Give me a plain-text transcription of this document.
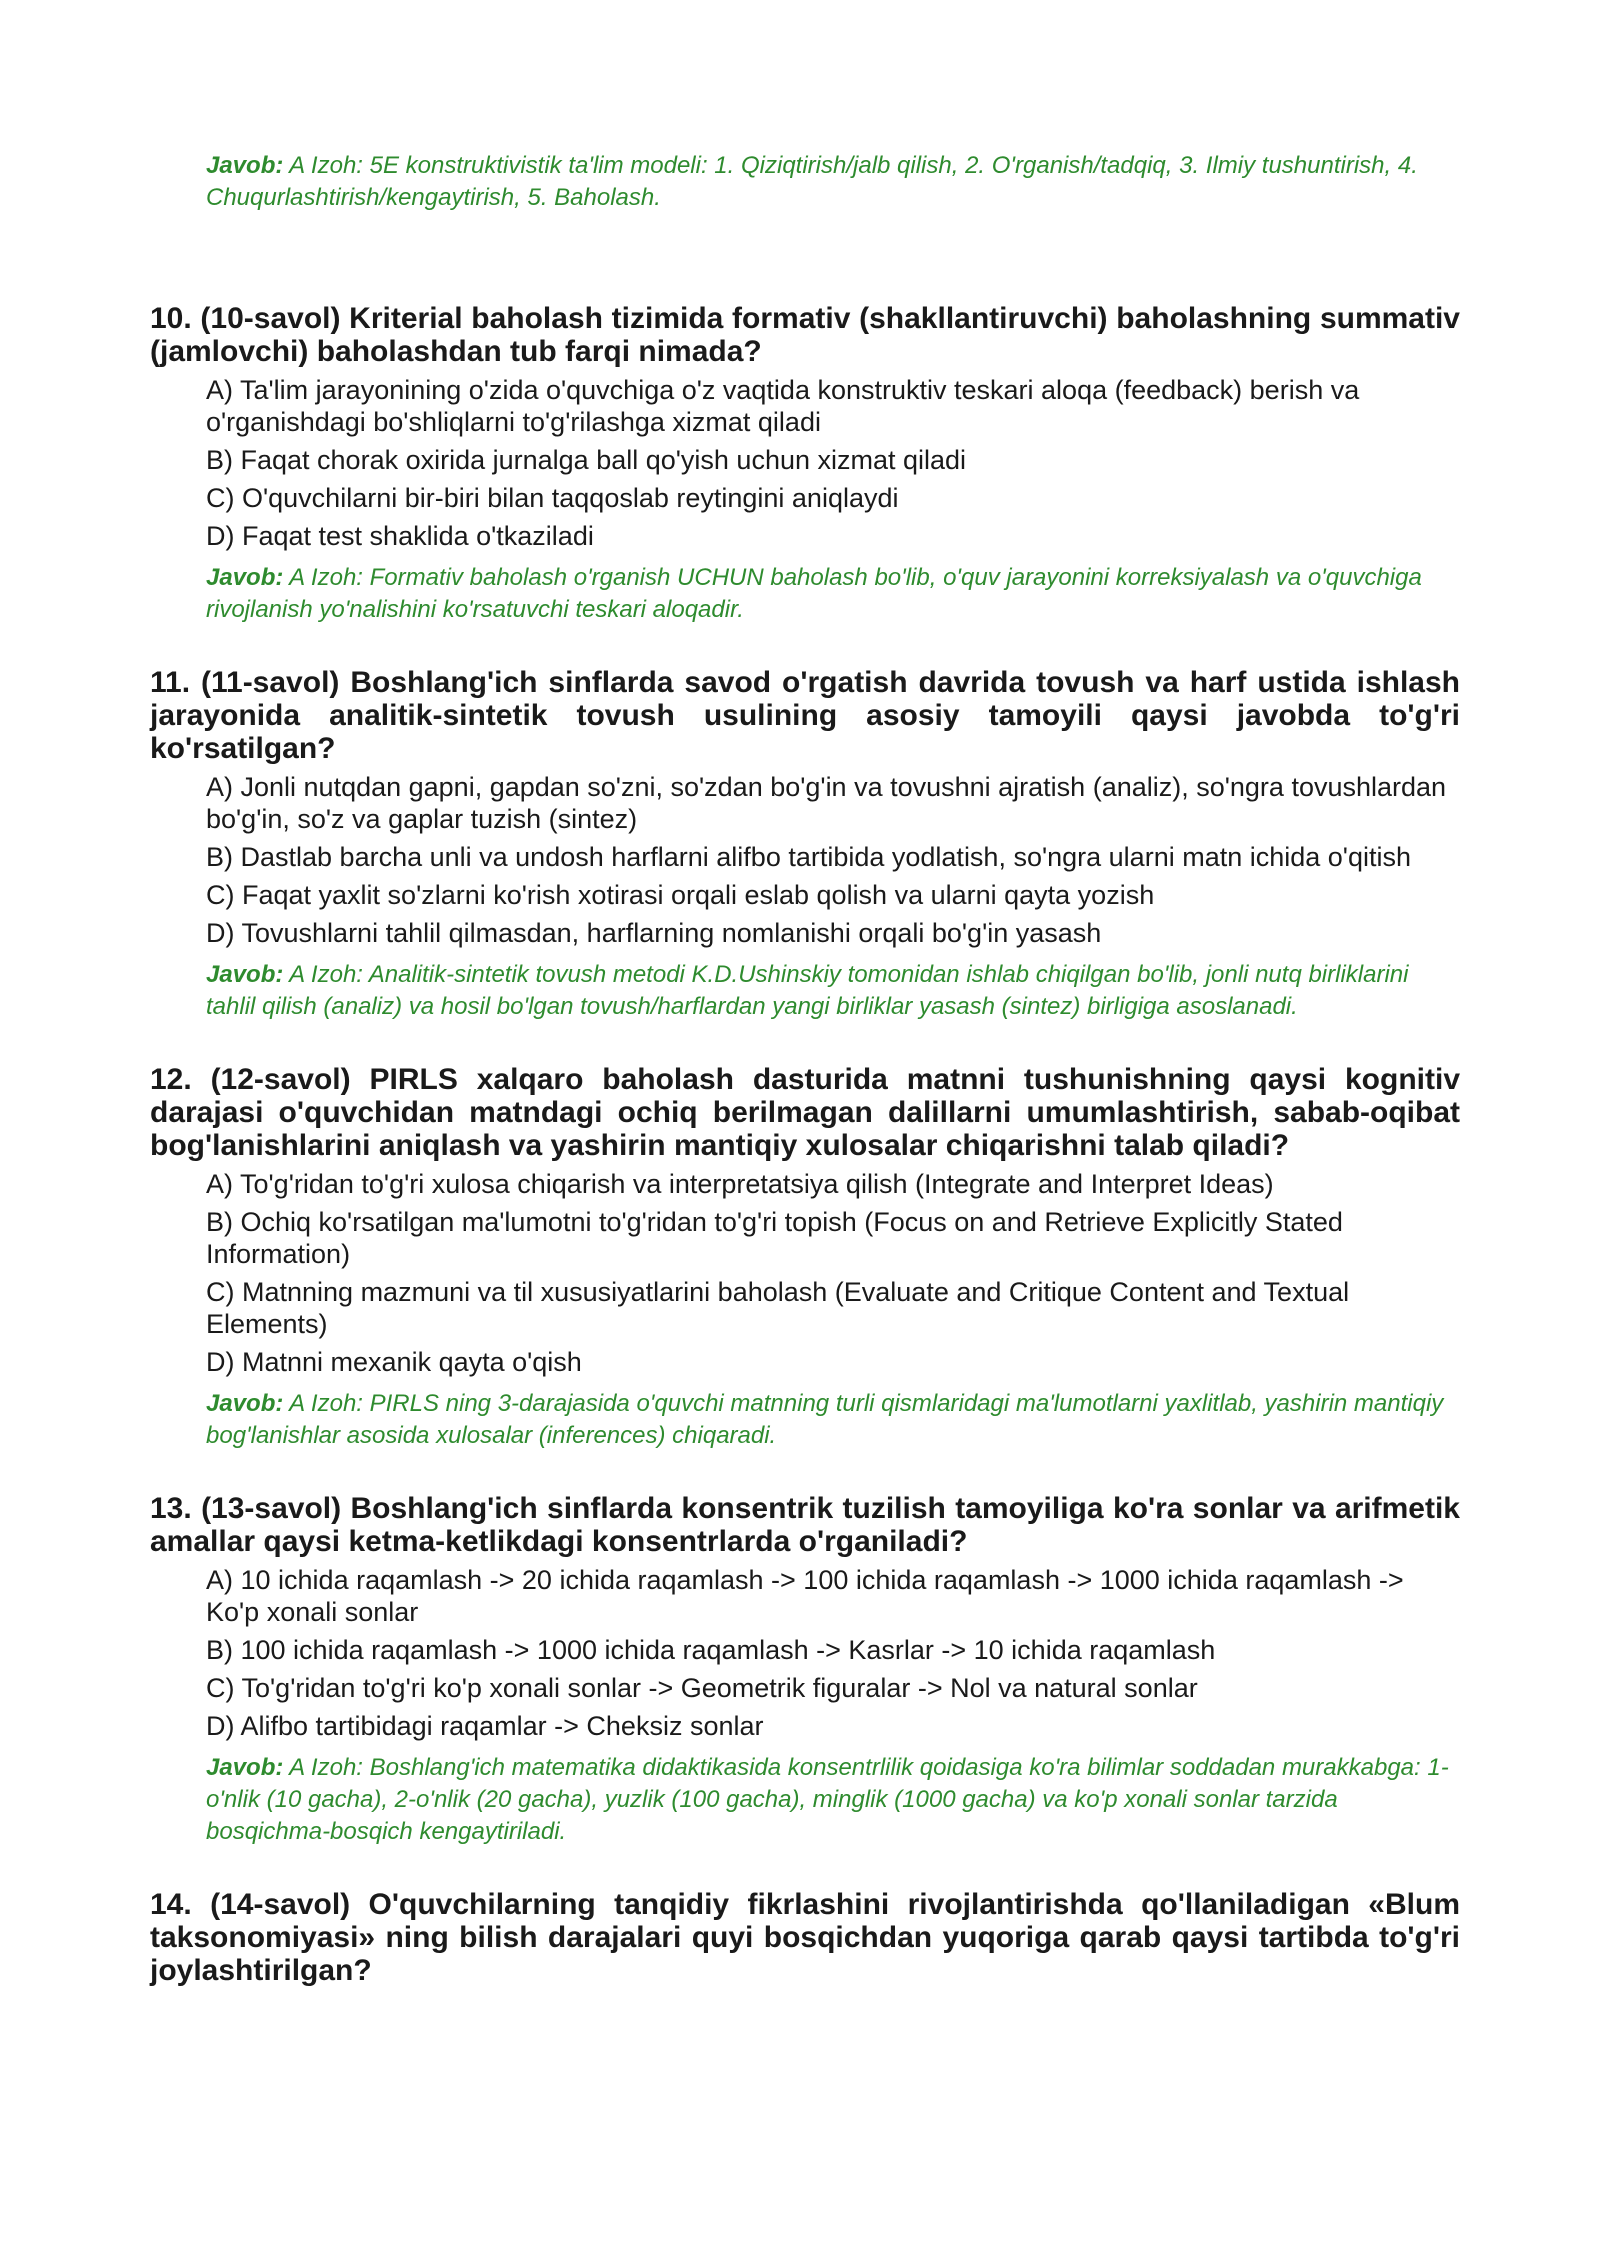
Javob: A Izoh: 5E konstruktivistik ta'lim modeli: 1. Qiziqtirish/jalb qilish, 2. O'rganish/tadqiq, 3. Ilmiy tushuntirish, 4. Chuqurlashtirish/kengaytirish, 5. Baholash.
10. (10-savol) Kriterial baholash tizimida formativ (shakllantiruvchi) baholashning summativ (jamlovchi) baholashdan tub farqi nimada?
A) Ta'lim jarayonining o'zida o'quvchiga o'z vaqtida konstruktiv teskari aloqa (feedback) berish va o'rganishdagi bo'shliqlarni to'g'rilashga xizmat qiladi
B) Faqat chorak oxirida jurnalga ball qo'yish uchun xizmat qiladi
C) O'quvchilarni bir-biri bilan taqqoslab reytingini aniqlaydi
D) Faqat test shaklida o'tkaziladi
Javob: A Izoh: Formativ baholash o'rganish UCHUN baholash bo'lib, o'quv jarayonini korreksiyalash va o'quvchiga rivojlanish yo'nalishini ko'rsatuvchi teskari aloqadir.
11. (11-savol) Boshlang'ich sinflarda savod o'rgatish davrida tovush va harf ustida ishlash jarayonida analitik-sintetik tovush usulining asosiy tamoyili qaysi javobda to'g'ri ko'rsatilgan?
A) Jonli nutqdan gapni, gapdan so'zni, so'zdan bo'g'in va tovushni ajratish (analiz), so'ngra tovushlardan bo'g'in, so'z va gaplar tuzish (sintez)
B) Dastlab barcha unli va undosh harflarni alifbo tartibida yodlatish, so'ngra ularni matn ichida o'qitish
C) Faqat yaxlit so'zlarni ko'rish xotirasi orqali eslab qolish va ularni qayta yozish
D) Tovushlarni tahlil qilmasdan, harflarning nomlanishi orqali bo'g'in yasash
Javob: A Izoh: Analitik-sintetik tovush metodi K.D.Ushinskiy tomonidan ishlab chiqilgan bo'lib, jonli nutq birliklarini tahlil qilish (analiz) va hosil bo'lgan tovush/harflardan yangi birliklar yasash (sintez) birligiga asoslanadi.
12. (12-savol) PIRLS xalqaro baholash dasturida matnni tushunishning qaysi kognitiv darajasi o'quvchidan matndagi ochiq berilmagan dalillarni umumlashtirish, sabab-oqibat bog'lanishlarini aniqlash va yashirin mantiqiy xulosalar chiqarishni talab qiladi?
A) To'g'ridan to'g'ri xulosa chiqarish va interpretatsiya qilish (Integrate and Interpret Ideas)
B) Ochiq ko'rsatilgan ma'lumotni to'g'ridan to'g'ri topish (Focus on and Retrieve Explicitly Stated Information)
C) Matnning mazmuni va til xususiyatlarini baholash (Evaluate and Critique Content and Textual Elements)
D) Matnni mexanik qayta o'qish
Javob: A Izoh: PIRLS ning 3-darajasida o'quvchi matnning turli qismlaridagi ma'lumotlarni yaxlitlab, yashirin mantiqiy bog'lanishlar asosida xulosalar (inferences) chiqaradi.
13. (13-savol) Boshlang'ich sinflarda konsentrik tuzilish tamoyiliga ko'ra sonlar va arifmetik amallar qaysi ketma-ketlikdagi konsentrlarda o'rganiladi?
A) 10 ichida raqamlash -> 20 ichida raqamlash -> 100 ichida raqamlash -> 1000 ichida raqamlash -> Ko'p xonali sonlar
B) 100 ichida raqamlash -> 1000 ichida raqamlash -> Kasrlar -> 10 ichida raqamlash
C) To'g'ridan to'g'ri ko'p xonali sonlar -> Geometrik figuralar -> Nol va natural sonlar
D) Alifbo tartibidagi raqamlar -> Cheksiz sonlar
Javob: A Izoh: Boshlang'ich matematika didaktikasida konsentrlilik qoidasiga ko'ra bilimlar soddadan murakkabga: 1-o'nlik (10 gacha), 2-o'nlik (20 gacha), yuzlik (100 gacha), minglik (1000 gacha) va ko'p xonali sonlar tarzida bosqichma-bosqich kengaytiriladi.
14. (14-savol) O'quvchilarning tanqidiy fikrlashini rivojlantirishda qo'llaniladigan «Blum taksonomiyasi» ning bilish darajalari quyi bosqichdan yuqoriga qarab qaysi tartibda to'g'ri joylashtirilgan?
